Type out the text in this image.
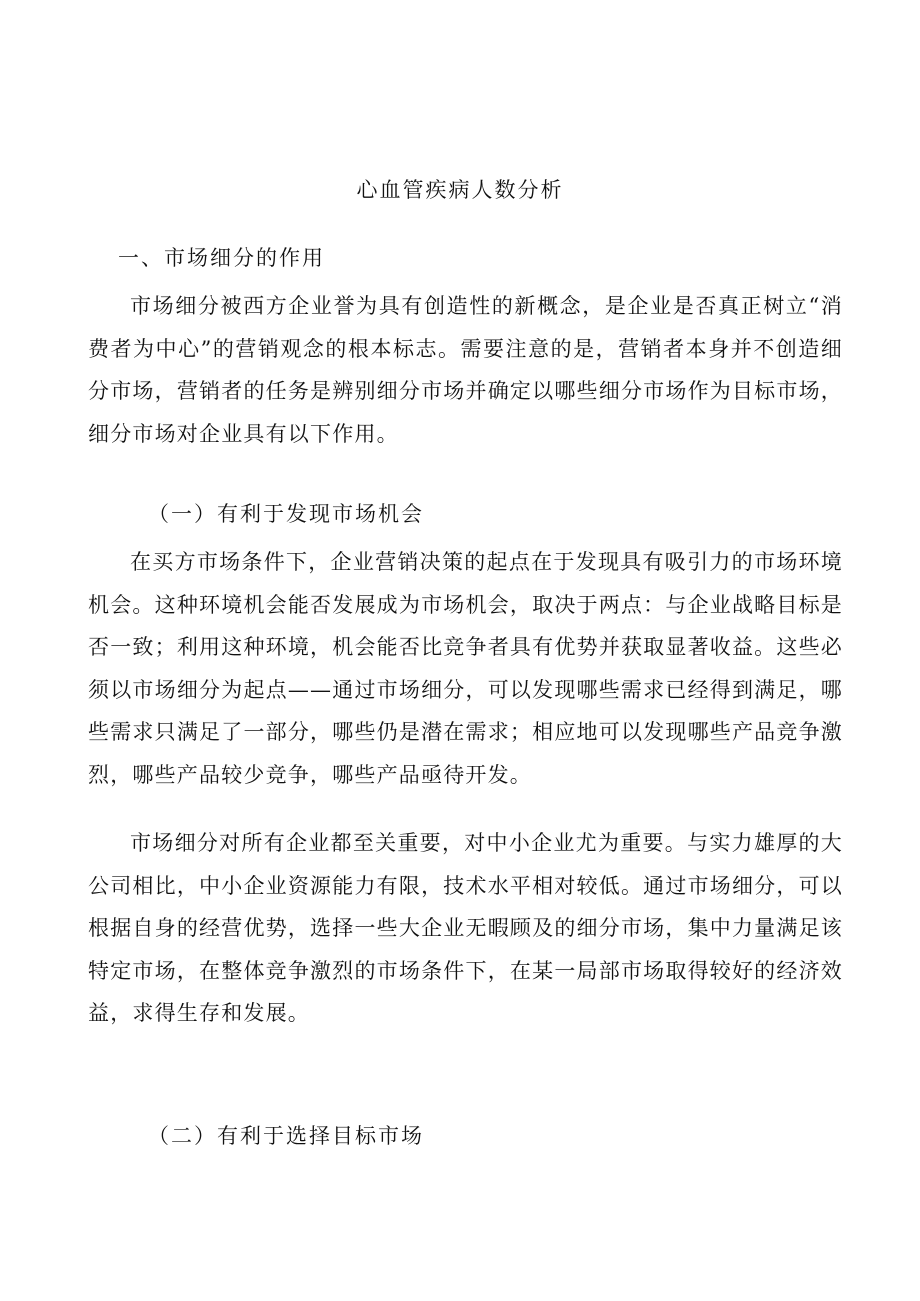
心血管疾病人数分析
一、市场细分的作用

市场细分被西方企业誉为具有创造性的新概念，是企业是否真正树立“消费者为中心”的营销观念的根本标志。需要注意的是，营销者本身并不创造细分市场，营销者的任务是辨别细分市场并确定以哪些细分市场作为目标市场，细分市场对企业具有以下作用。

（一）有利于发现市场机会

在买方市场条件下，企业营销决策的起点在于发现具有吸引力的市场环境机会。这种环境机会能否发展成为市场机会，取决于两点：与企业战略目标是否一致；利用这种环境，机会能否比竞争者具有优势并获取显著收益。这些必须以市场细分为起点——通过市场细分，可以发现哪些需求已经得到满足，哪些需求只满足了一部分，哪些仍是潜在需求；相应地可以发现哪些产品竞争激烈，哪些产品较少竞争，哪些产品亟待开发。

市场细分对所有企业都至关重要，对中小企业尤为重要。与实力雄厚的大公司相比，中小企业资源能力有限，技术水平相对较低。通过市场细分，可以根据自身的经营优势，选择一些大企业无暇顾及的细分市场，集中力量满足该特定市场，在整体竞争激烈的市场条件下，在某一局部市场取得较好的经济效益，求得生存和发展。

（二）有利于选择目标市场
